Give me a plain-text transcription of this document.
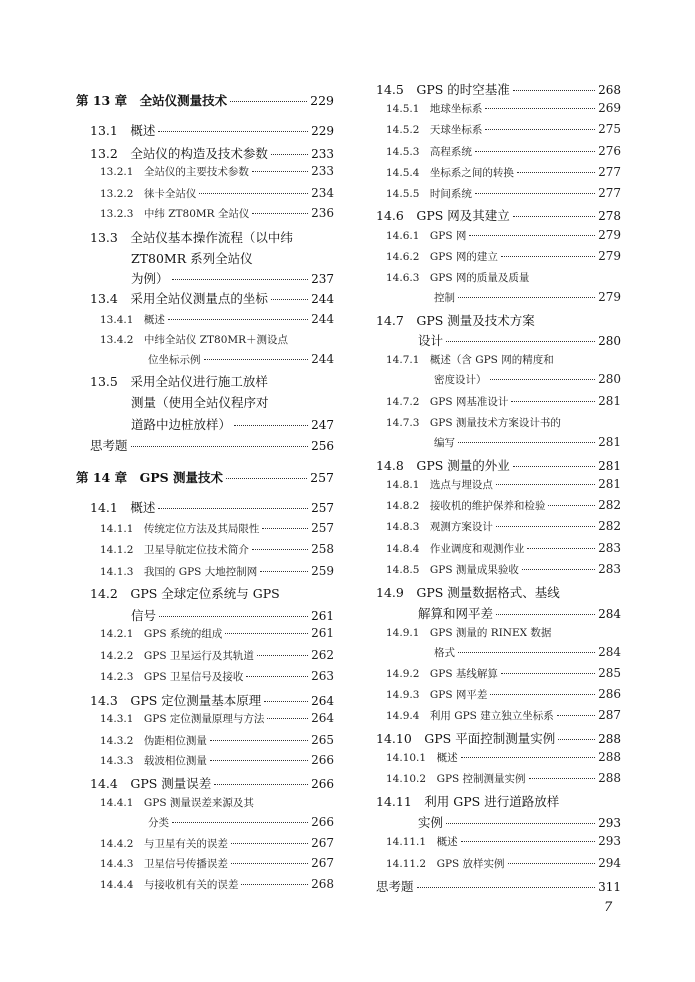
第 13 章　全站仪测量技术	229
13.1　概述	229
13.2　全站仪的构造及技术参数	233
13.2.1　全站仪的主要技术参数	233
13.2.2　徕卡全站仪	234
13.2.3　中纬 ZT80MR 全站仪	236
13.3　全站仪基本操作流程（以中纬
ZT80MR 系列全站仪
为例）	237
13.4　采用全站仪测量点的坐标	244
13.4.1　概述	244
13.4.2　中纬全站仪 ZT80MR＋测设点
位坐标示例	244
13.5　采用全站仪进行施工放样
测量（使用全站仪程序对
道路中边桩放样）	247
思考题	256
第 14 章　GPS 测量技术	257
14.1　概述	257
14.1.1　传统定位方法及其局限性	257
14.1.2　卫星导航定位技术简介	258
14.1.3　我国的 GPS 大地控制网	259
14.2　GPS 全球定位系统与 GPS
信号	261
14.2.1　GPS 系统的组成	261
14.2.2　GPS 卫星运行及其轨道	262
14.2.3　GPS 卫星信号及接收	263
14.3　GPS 定位测量基本原理	264
14.3.1　GPS 定位测量原理与方法	264
14.3.2　伪距相位测量	265
14.3.3　载波相位测量	266
14.4　GPS 测量误差	266
14.4.1　GPS 测量误差来源及其
分类	266
14.4.2　与卫星有关的误差	267
14.4.3　卫星信号传播误差	267
14.4.4　与接收机有关的误差	268
14.5　GPS 的时空基准	268
14.5.1　地球坐标系	269
14.5.2　天球坐标系	275
14.5.3　高程系统	276
14.5.4　坐标系之间的转换	277
14.5.5　时间系统	277
14.6　GPS 网及其建立	278
14.6.1　GPS 网	279
14.6.2　GPS 网的建立	279
14.6.3　GPS 网的质量及质量
控制	279
14.7　GPS 测量及技术方案
设计	280
14.7.1　概述（含 GPS 网的精度和
密度设计）	280
14.7.2　GPS 网基准设计	281
14.7.3　GPS 测量技术方案设计书的
编写	281
14.8　GPS 测量的外业	281
14.8.1　选点与埋设点	281
14.8.2　接收机的维护保养和检验	282
14.8.3　观测方案设计	282
14.8.4　作业调度和观测作业	283
14.8.5　GPS 测量成果验收	283
14.9　GPS 测量数据格式、基线
解算和网平差	284
14.9.1　GPS 测量的 RINEX 数据
格式	284
14.9.2　GPS 基线解算	285
14.9.3　GPS 网平差	286
14.9.4　利用 GPS 建立独立坐标系	287
14.10　GPS 平面控制测量实例	288
14.10.1　概述	288
14.10.2　GPS 控制测量实例	288
14.11　利用 GPS 进行道路放样
实例	293
14.11.1　概述	293
14.11.2　GPS 放样实例	294
思考题	311
7
